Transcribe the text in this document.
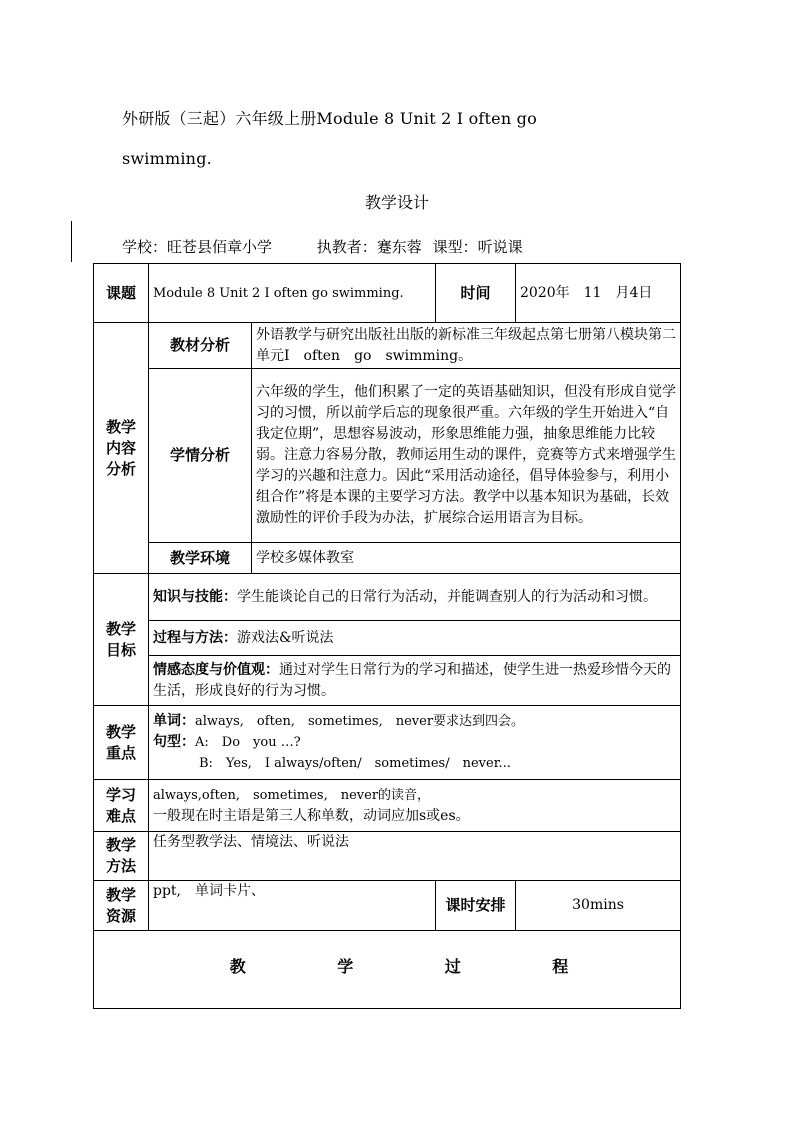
外研版（三起）六年级上册Module 8 Unit 2 I often go
swimming.
教学设计
学校：旺苍县佰章小学	执教者：蹇东蓉 课型：听说课
课题	Module 8 Unit 2 I often go swimming.		时间	2020年　11　月4日

教学内容分析	教材分析	外语教学与研究出版社出版的新标准三年级起点第七册第八模块第二单元I　often　go　swimming。		
	学情分析	六年级的学生，他们积累了一定的英语基础知识，但没有形成自觉学习的习惯，所以前学后忘的现象很严重。六年级的学生开始进入“自我定位期”，思想容易波动，形象思维能力强，抽象思维能力比较弱。注意力容易分散，教师运用生动的课件，竞赛等方式来增强学生学习的兴趣和注意力。因此“采用活动途径，倡导体验参与，利用小组合作”将是本课的主要学习方法。教学中以基本知识为基础，长效激励性的评价手段为办法，扩展综合运用语言为目标。		
	教学环境	学校多媒体教室		

教学目标	知识与技能：学生能谈论自己的日常行为活动，并能调查别人的行为活动和习惯。			
	过程与方法：游戏法&听说法			
	情感态度与价值观：通过对学生日常行为的学习和描述，使学生进一热爱珍惜今天的生活，形成良好的行为习惯。			

教学重点	单词：always,　often,　sometimes,　never要求达到四会。
句型：A:　Do　you …?
B:　Yes,　I always/often/　sometimes/　never...			

学习难点	always,often,　sometimes,　never的读音，
一般现在时主语是第三人称单数，动词应加s或es。			

教学方法	任务型教学法、情境法、听说法			

教学资源	ppt,　单词卡片、		课时安排	30mins

教 学 过 程				
